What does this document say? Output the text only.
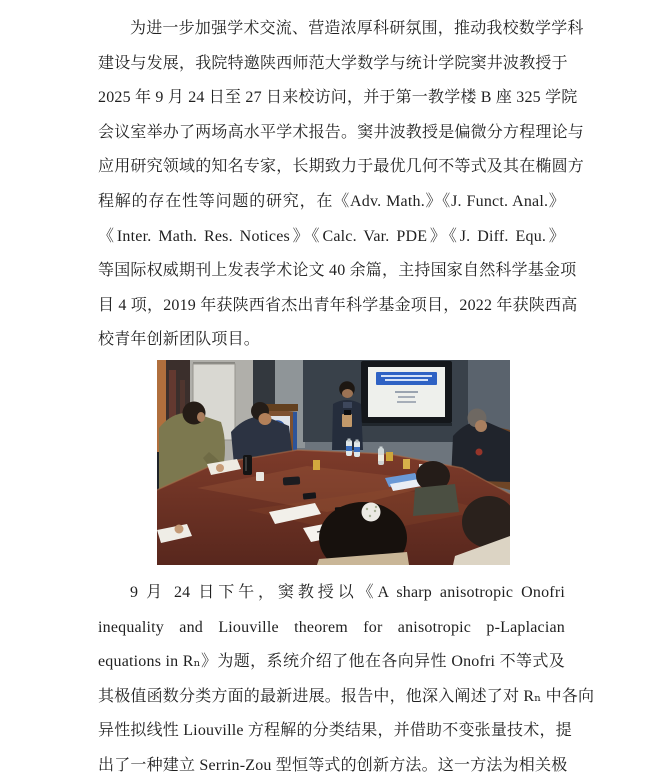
为进一步加强学术交流、营造浓厚科研氛围，推动我校数学学科
建设与发展，我院特邀陕西师范大学数学与统计学院窦井波教授于
2025 年 9 月 24 日至 27 日来校访问，并于第一教学楼 B 座 325 学院
会议室举办了两场高水平学术报告。窦井波教授是偏微分方程理论与
应用研究领域的知名专家，长期致力于最优几何不等式及其在椭圆方
程解的存在性等问题的研究，在《Adv. Math.》《J. Funct. Anal.》
《Inter. Math. Res. Notices》《Calc. Var. PDE》《J. Diff. Equ.》
等国际权威期刊上发表学术论文 40 余篇，主持国家自然科学基金项
目 4 项，2019 年获陕西省杰出青年科学基金项目，2022 年获陕西高
校青年创新团队项目。
9 月 24 日下午，窦教授以《A sharp anisotropic Onofri
inequality and Liouville theorem for anisotropic p-Laplacian
equations in Rₙ》为题，系统介绍了他在各向异性 Onofri 不等式及
其极值函数分类方面的最新进展。报告中，他深入阐述了对 Rₙ 中各向
异性拟线性 Liouville 方程解的分类结果，并借助不变张量技术，提
出了一种建立 Serrin-Zou 型恒等式的创新方法。这一方法为相关极
